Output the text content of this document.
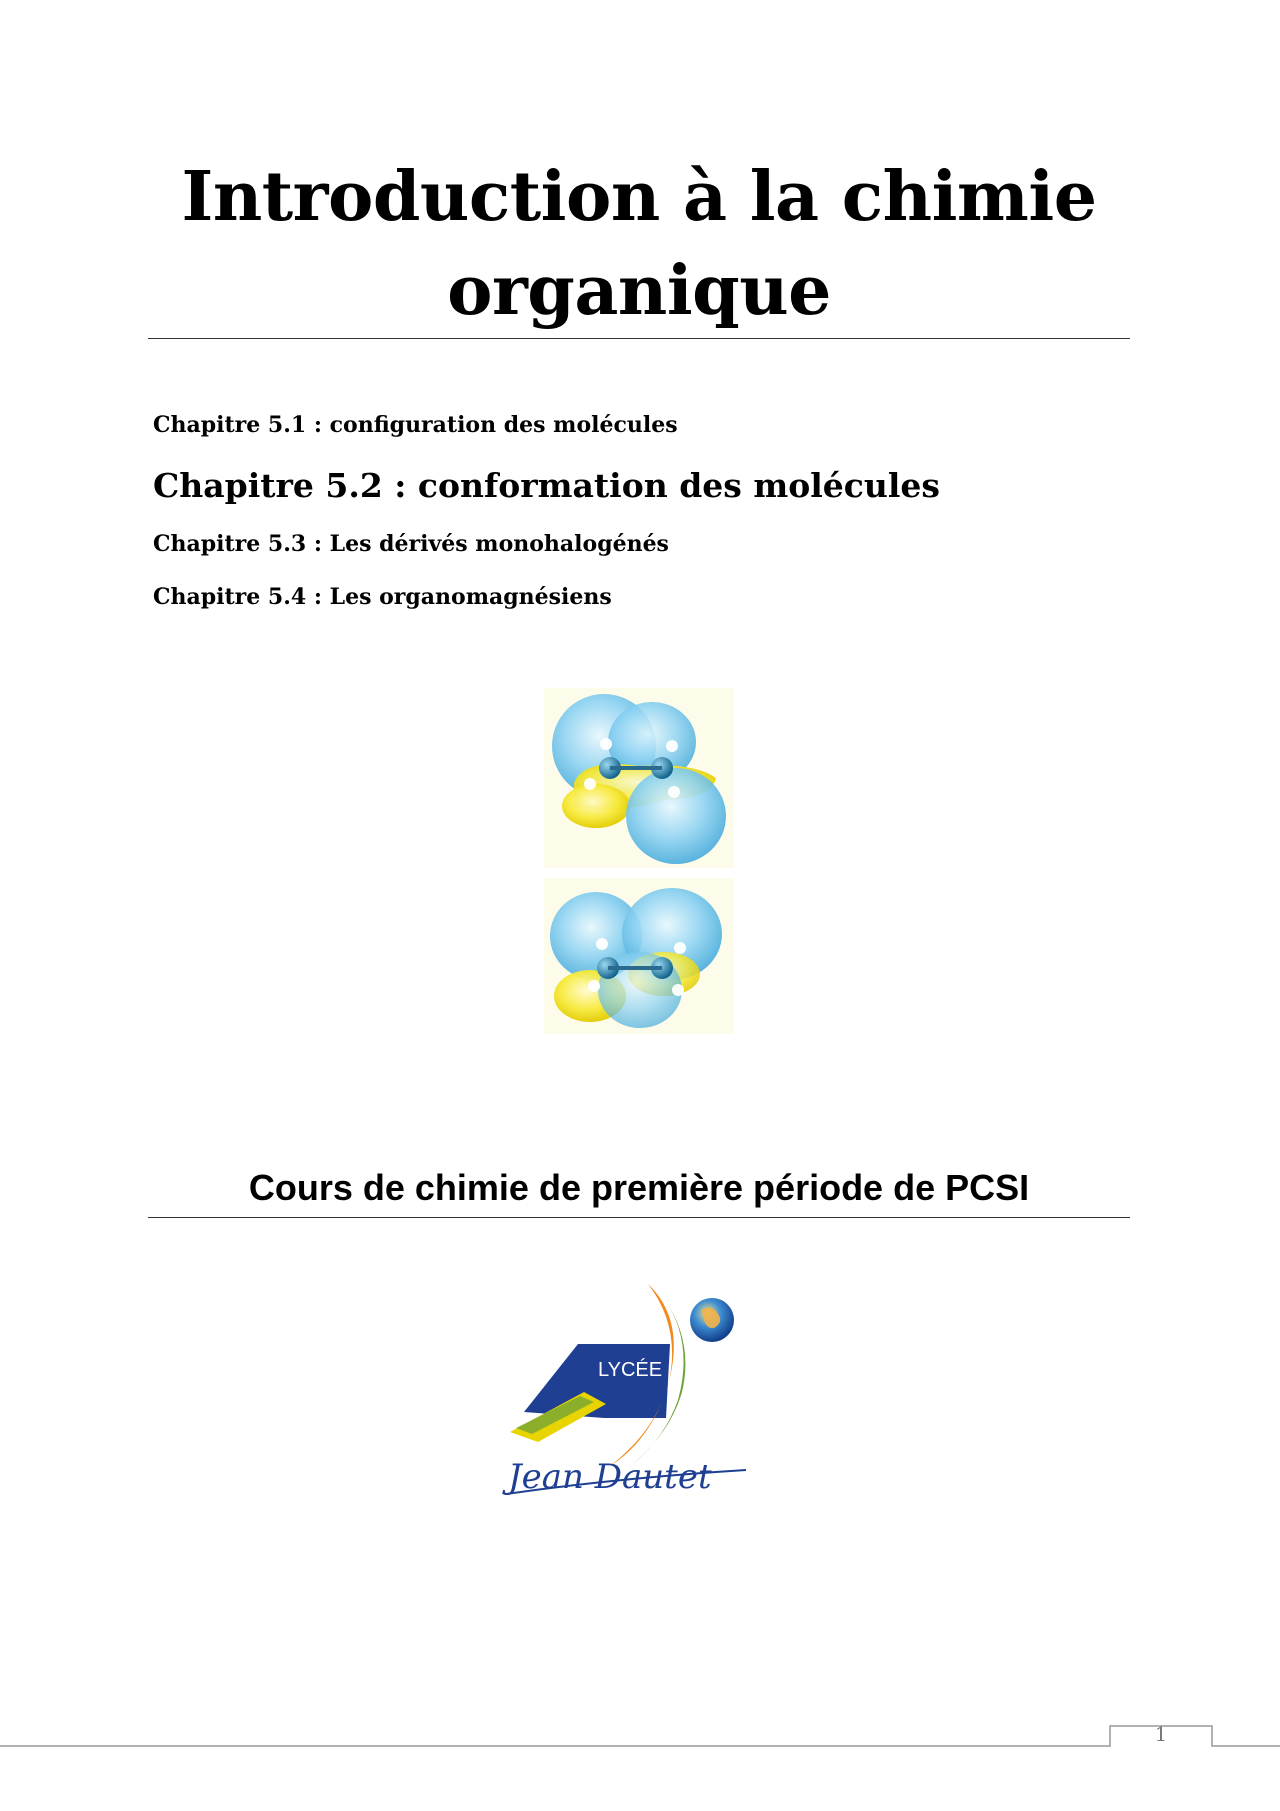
Introduction à la chimie

organique

Chapitre 5.1 : configuration des molécules

Chapitre 5.2 : conformation des molécules

Chapitre 5.3 : Les dérivés monohalogénés

Chapitre 5.4 : Les organomagnésiens

Cours de chimie de première période de PCSI
LYCÉE
Jean Dautet
1
